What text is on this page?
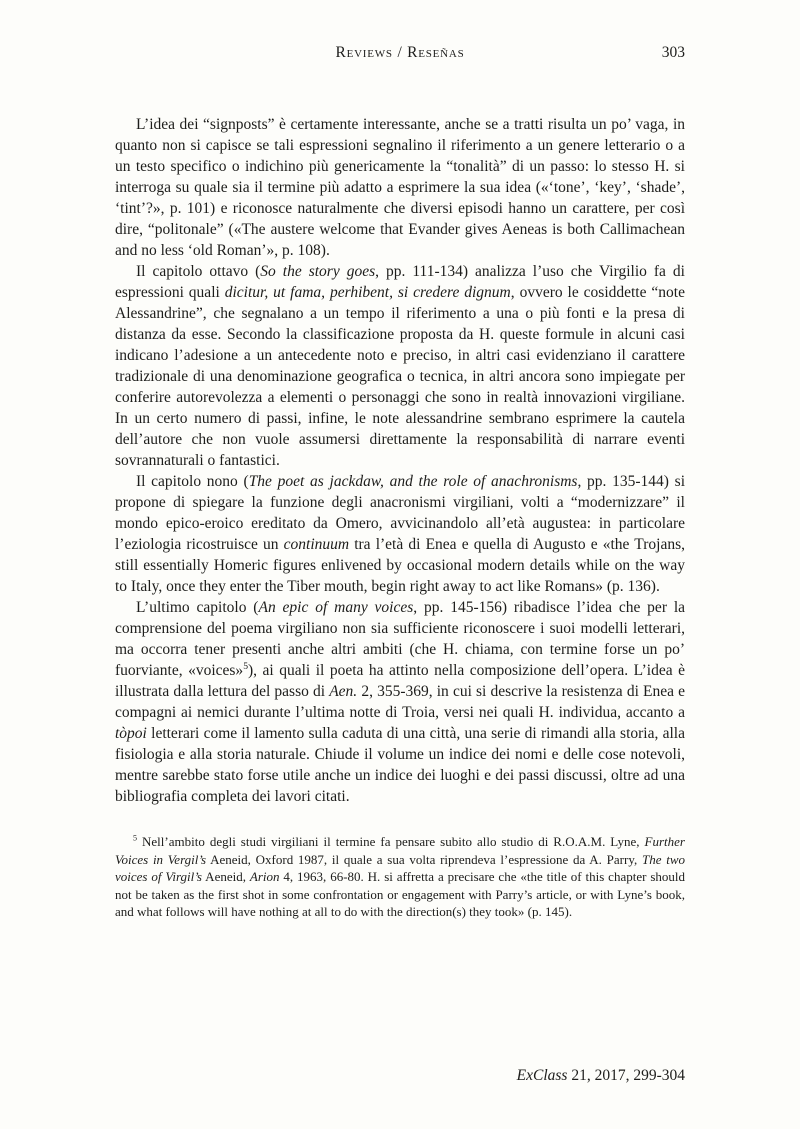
Reviews / Reseñas	303

L’idea dei “signposts” è certamente interessante, anche se a tratti risulta un po’ vaga, in quanto non si capisce se tali espressioni segnalino il riferimento a un genere letterario o a un testo specifico o indichino più genericamente la “tonalità” di un passo: lo stesso H. si interroga su quale sia il termine più adatto a esprimere la sua idea («‘tone’, ‘key’, ‘shade’, ‘tint’?», p. 101) e riconosce naturalmente che diversi episodi hanno un carattere, per così dire, “politonale” («The austere welcome that Evander gives Aeneas is both Callimachean and no less ‘old Roman’», p. 108).

Il capitolo ottavo (So the story goes, pp. 111-134) analizza l’uso che Virgilio fa di espressioni quali dicitur, ut fama, perhibent, si credere dignum, ovvero le cosiddette “note Alessandrine”, che segnalano a un tempo il riferimento a una o più fonti e la presa di distanza da esse. Secondo la classificazione proposta da H. queste formule in alcuni casi indicano l’adesione a un antecedente noto e preciso, in altri casi evidenziano il carattere tradizionale di una denominazione geografica o tecnica, in altri ancora sono impiegate per conferire autorevolezza a elementi o personaggi che sono in realtà innovazioni virgiliane. In un certo numero di passi, infine, le note alessandrine sembrano esprimere la cautela dell’autore che non vuole assumersi direttamente la responsabilità di narrare eventi sovrannaturali o fantastici.

Il capitolo nono (The poet as jackdaw, and the role of anachronisms, pp. 135-144) si propone di spiegare la funzione degli anacronismi virgiliani, volti a “modernizzare” il mondo epico-eroico ereditato da Omero, avvicinandolo all’età augustea: in particolare l’eziologia ricostruisce un continuum tra l’età di Enea e quella di Augusto e «the Trojans, still essentially Homeric figures enlivened by occasional modern details while on the way to Italy, once they enter the Tiber mouth, begin right away to act like Romans» (p. 136).

L’ultimo capitolo (An epic of many voices, pp. 145-156) ribadisce l’idea che per la comprensione del poema virgiliano non sia sufficiente riconoscere i suoi modelli letterari, ma occorra tener presenti anche altri ambiti (che H. chiama, con termine forse un po’ fuorviante, «voices»$^5$), ai quali il poeta ha attinto nella composizione dell’opera. L’idea è illustrata dalla lettura del passo di Aen. 2, 355-369, in cui si descrive la resistenza di Enea e compagni ai nemici durante l’ultima notte di Troia, versi nei quali H. individua, accanto a tòpoi letterari come il lamento sulla caduta di una città, una serie di rimandi alla storia, alla fisiologia e alla storia naturale. Chiude il volume un indice dei nomi e delle cose notevoli, mentre sarebbe stato forse utile anche un indice dei luoghi e dei passi discussi, oltre ad una bibliografia completa dei lavori citati.

$^5$ Nell’ambito degli studi virgiliani il termine fa pensare subito allo studio di R.O.A.M. Lyne, Further Voices in Vergil’s Aeneid, Oxford 1987, il quale a sua volta riprendeva l’espressione da A. Parry, The two voices of Virgil’s Aeneid, Arion 4, 1963, 66-80. H. si affretta a precisare che «the title of this chapter should not be taken as the first shot in some confrontation or engagement with Parry’s article, or with Lyne’s book, and what follows will have nothing at all to do with the direction(s) they took» (p. 145).
ExClass 21, 2017, 299-304
